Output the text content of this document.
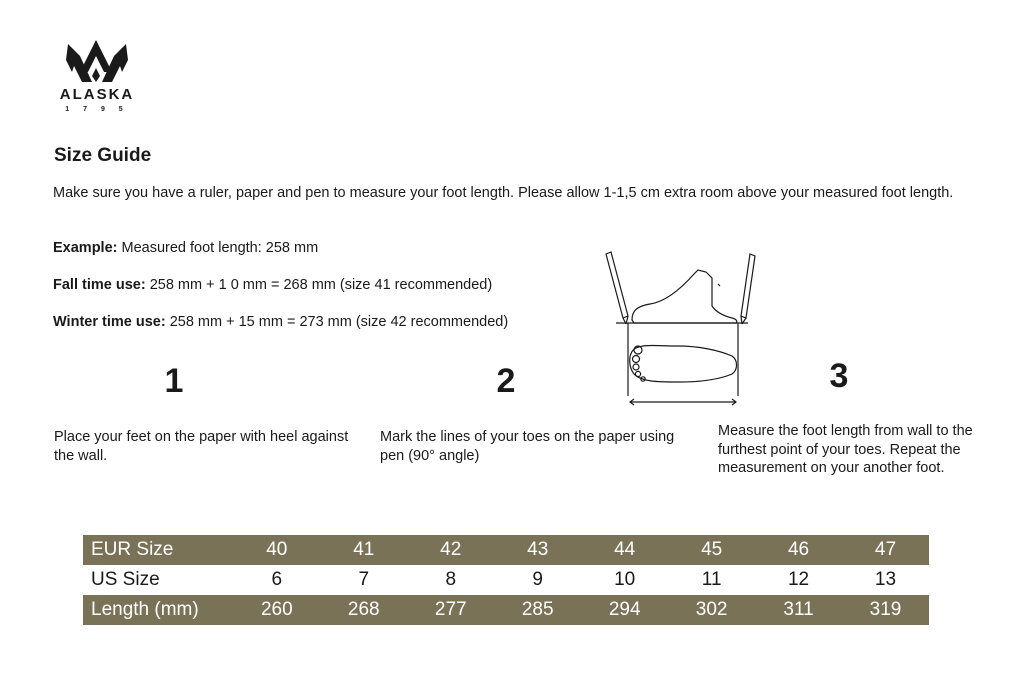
ALASKA
1 7 9 5
Size Guide
Make sure you have a ruler, paper and pen to measure your foot length. Please allow 1-1,5 cm extra room above your measured foot length.
Example: Measured foot length: 258 mm
Fall time use: 258 mm + 1 0 mm = 268 mm (size 41 recommended)
Winter time use: 258 mm + 15 mm = 273 mm (size 42 recommended)
1	2	3
Place your feet on the paper with heel against the wall.
Mark the lines of your toes on the paper using pen (90° angle)
Measure the foot length from wall to the furthest point of your toes. Repeat the measurement on your another foot.
EUR Size	40	41	42	43	44	45	46	47
US Size	6	7	8	9	10	11	12	13
Length (mm)	260	268	277	285	294	302	311	319
